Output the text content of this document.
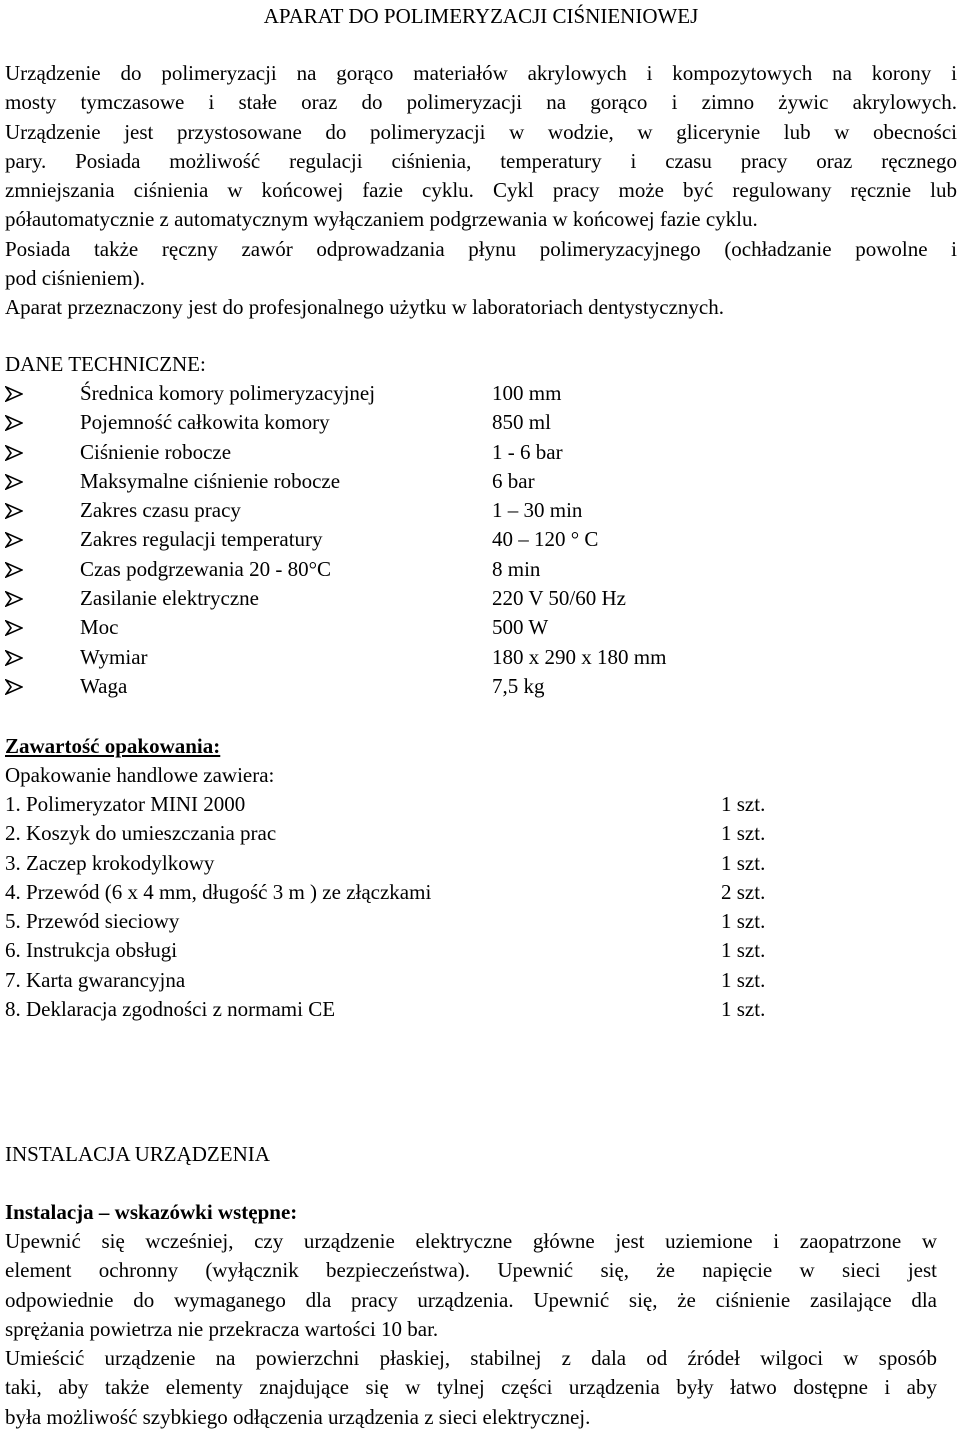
APARAT DO POLIMERYZACJI CIŚNIENIOWEJ
Urządzenie do polimeryzacji na gorąco materiałów akrylowych i kompozytowych na korony i
mosty tymczasowe i stałe oraz do polimeryzacji na gorąco i zimno żywic akrylowych.
Urządzenie jest przystosowane do polimeryzacji w wodzie, w glicerynie lub w obecności
pary. Posiada możliwość regulacji ciśnienia, temperatury i czasu pracy oraz ręcznego
zmniejszania ciśnienia w końcowej fazie cyklu. Cykl pracy może być regulowany ręcznie lub
półautomatycznie z automatycznym wyłączaniem podgrzewania w końcowej fazie cyklu.
Posiada także ręczny zawór odprowadzania płynu polimeryzacyjnego (ochładzanie powolne i
pod ciśnieniem).
Aparat przeznaczony jest do profesjonalnego użytku w laboratoriach dentystycznych.
DANE TECHNICZNE:
Średnica komory polimeryzacyjnej	100 mm
Pojemność całkowita komory	850 ml
Ciśnienie robocze	1 - 6 bar
Maksymalne ciśnienie robocze	6 bar
Zakres czasu pracy	1 – 30 min
Zakres regulacji temperatury	40 – 120 ° C
Czas podgrzewania 20 - 80°C	8 min
Zasilanie elektryczne	220 V 50/60 Hz
Moc	500 W
Wymiar	180 x 290 x 180 mm
Waga	7,5 kg
Zawartość opakowania:
Opakowanie handlowe zawiera:
1. Polimeryzator MINI 2000	1 szt.
2. Koszyk do umieszczania prac	1 szt.
3. Zaczep krokodylkowy	1 szt.
4. Przewód (6 x 4 mm, długość 3 m ) ze złączkami	2 szt.
5. Przewód sieciowy	1 szt.
6. Instrukcja obsługi	1 szt.
7. Karta gwarancyjna	1 szt.
8. Deklaracja zgodności z normami CE	1 szt.
INSTALACJA URZĄDZENIA
Instalacja – wskazówki wstępne:
Upewnić się wcześniej, czy urządzenie elektryczne główne jest uziemione i zaopatrzone w
element ochronny (wyłącznik bezpieczeństwa). Upewnić się, że napięcie w sieci jest
odpowiednie do wymaganego dla pracy urządzenia. Upewnić się, że ciśnienie zasilające dla
sprężania powietrza nie przekracza wartości 10 bar.
Umieścić urządzenie na powierzchni płaskiej, stabilnej z dala od źródeł wilgoci w sposób
taki, aby także elementy znajdujące się w tylnej części urządzenia były łatwo dostępne i aby
była możliwość szybkiego odłączenia urządzenia z sieci elektrycznej.
